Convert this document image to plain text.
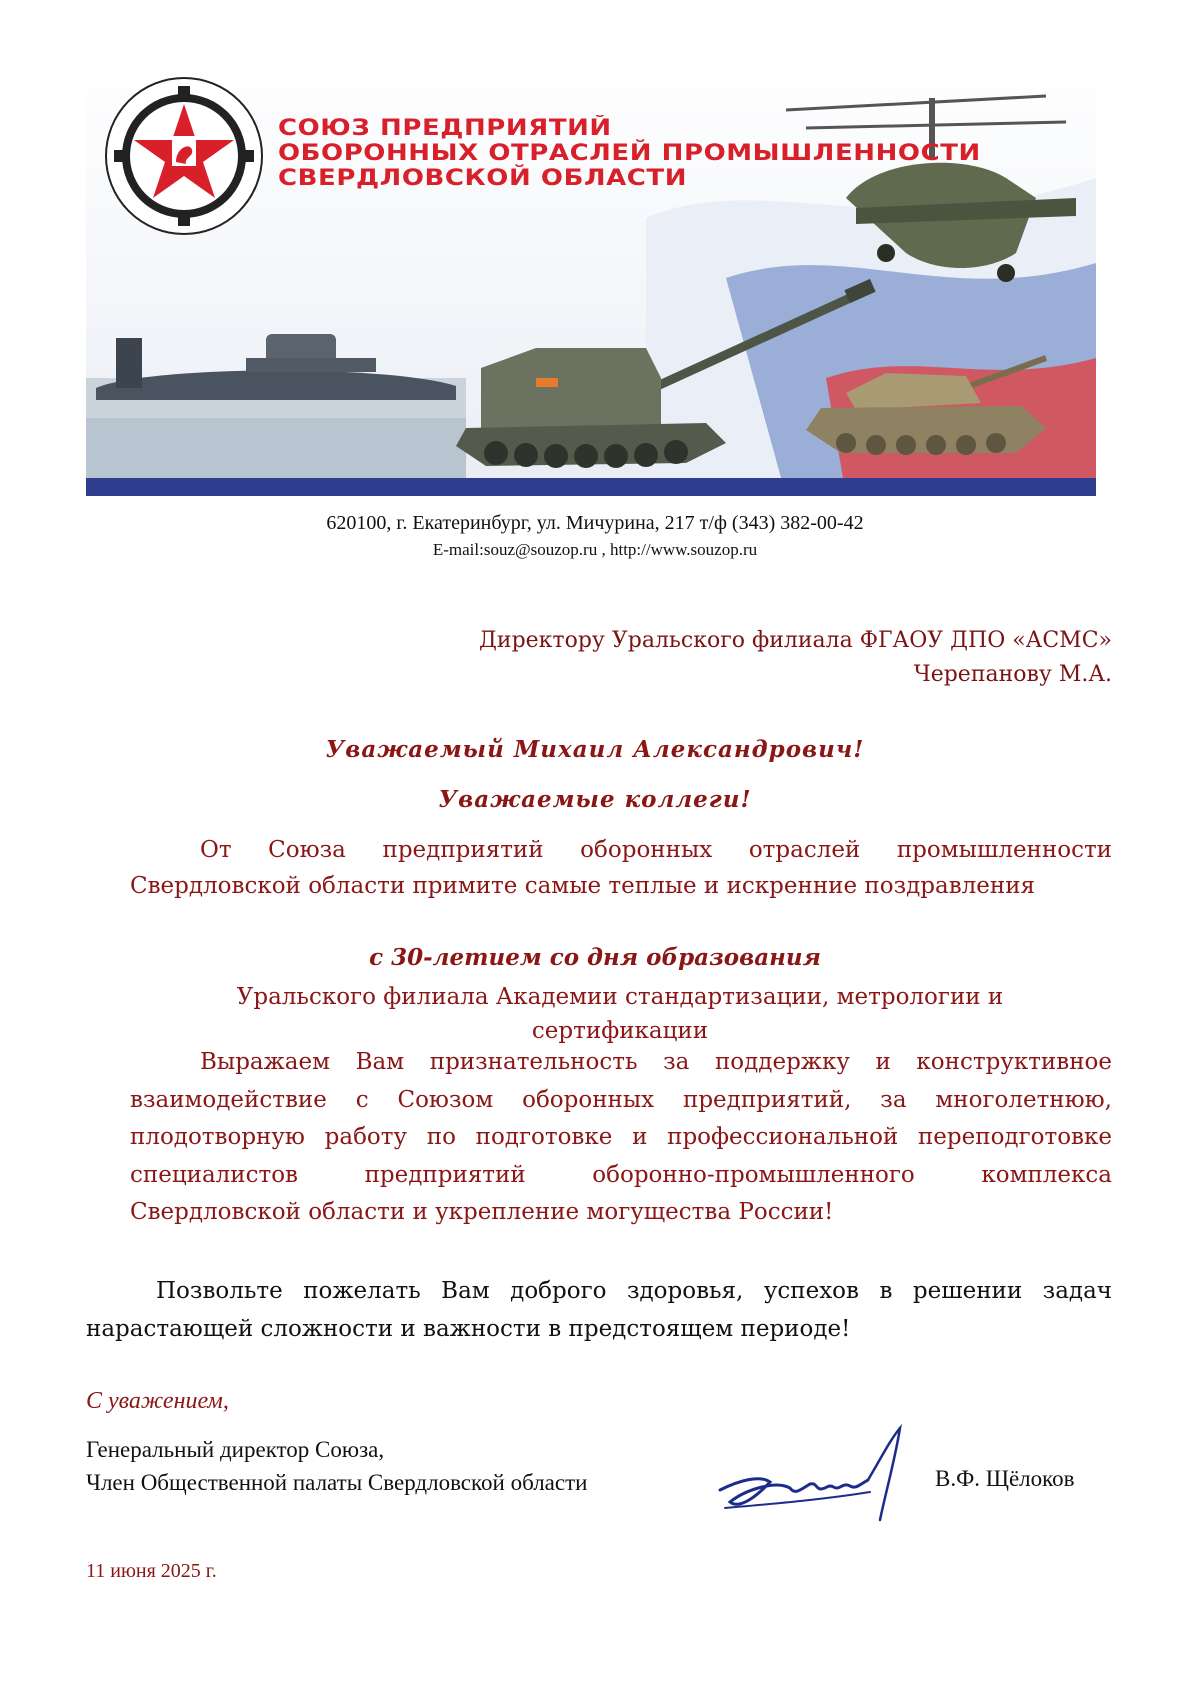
СОЮЗ ПРЕДПРИЯТИЙ
ОБОРОННЫХ ОТРАСЛЕЙ ПРОМЫШЛЕННОСТИ
СВЕРДЛОВСКОЙ ОБЛАСТИ

620100, г. Екатеринбург, ул. Мичурина, 217 т/ф (343) 382-00-42
E-mail:souz@souzop.ru , http://www.souzop.ru
Директору Уральского филиала ФГАОУ ДПО «АСМС»
Черепанову М.А.
Уважаемый Михаил Александрович!
Уважаемые коллеги!

От Союза предприятий оборонных отраслей промышленности Свердловской области примите самые теплые и искренние поздравления

с 30-летием со дня образования
Уральского филиала Академии стандартизации, метрологии и сертификации

Выражаем Вам признательность за поддержку и конструктивное взаимодействие с Союзом оборонных предприятий, за многолетнюю, плодотворную работу по подготовке и профессиональной переподготовке специалистов предприятий оборонно-промышленного комплекса Свердловской области и укрепление могущества России!

Позвольте пожелать Вам доброго здоровья, успехов в решении задач нарастающей сложности и важности в предстоящем периоде!

С уважением,
Генеральный директор Союза,
Член Общественной палаты Свердловской области	В.Ф. Щёлоков
11 июня 2025 г.
